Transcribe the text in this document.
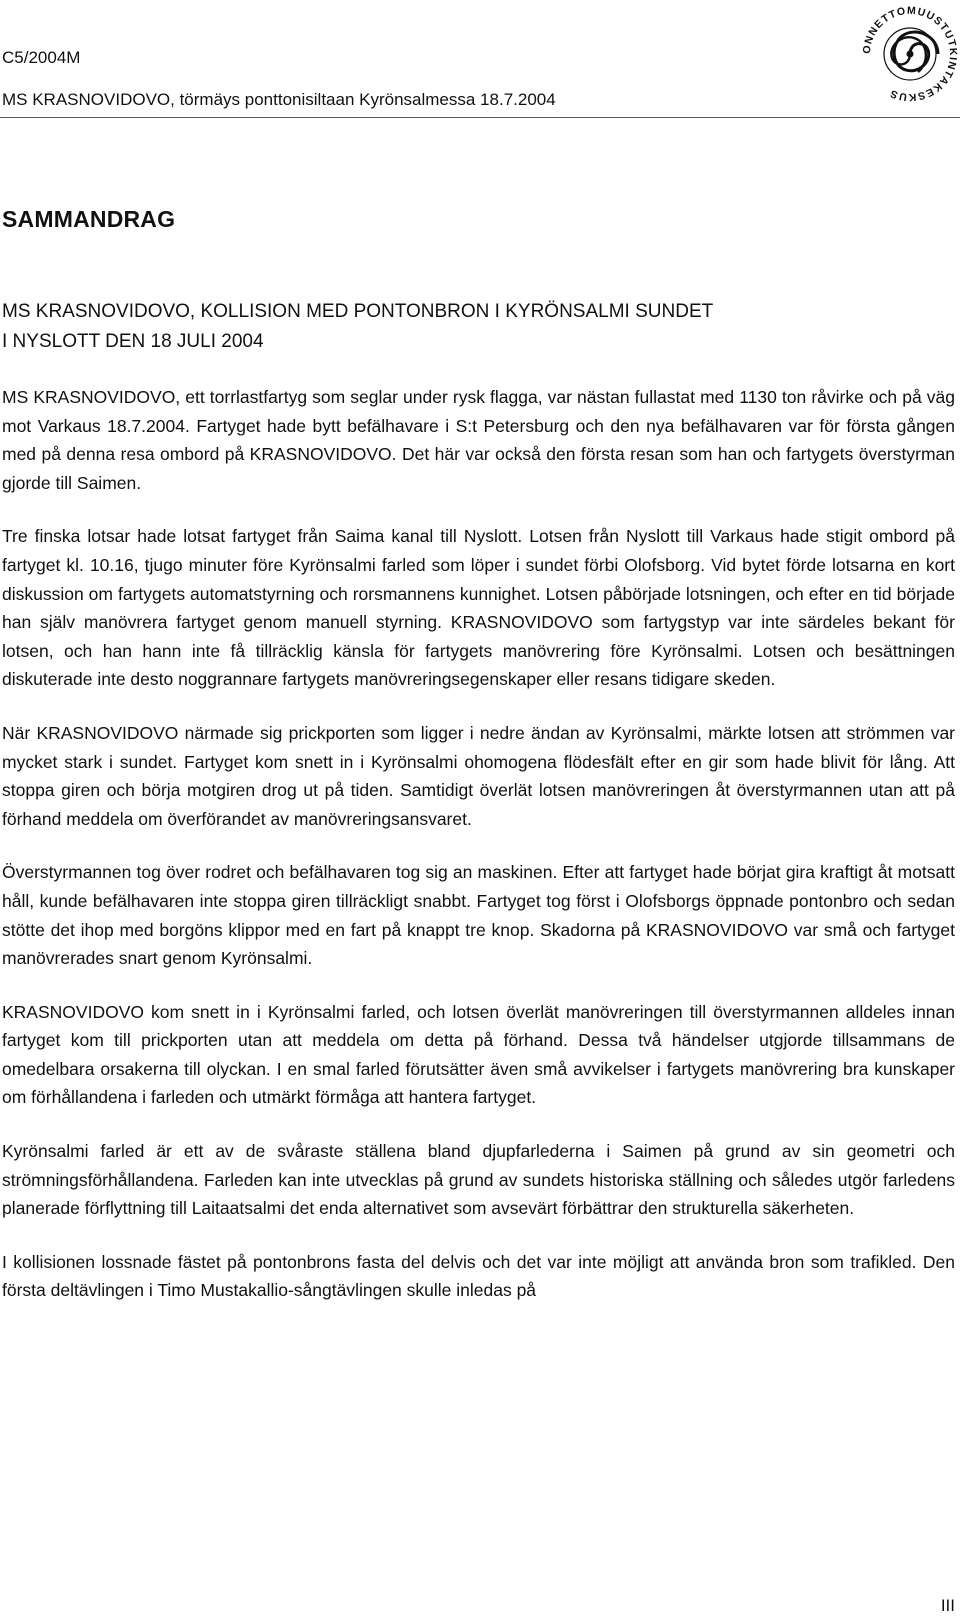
C5/2004M
MS KRASNOVIDOVO, törmäys ponttonisiltaan Kyrönsalmessa 18.7.2004
ONNETTOMUUSTUTKINTAKESKUS
SAMMANDRAG
MS KRASNOVIDOVO, KOLLISION MED PONTONBRON I KYRÖNSALMI SUNDET
I NYSLOTT DEN 18 JULI 2004

MS KRASNOVIDOVO, ett torrlastfartyg som seglar under rysk flagga, var nästan fullastat med 1130 ton råvirke och på väg mot Varkaus 18.7.2004. Fartyget hade bytt befälhavare i S:t Petersburg och den nya befälhavaren var för första gången med på denna resa ombord på KRASNOVIDOVO. Det här var också den första resan som han och fartygets överstyrman gjorde till Saimen.

Tre finska lotsar hade lotsat fartyget från Saima kanal till Nyslott. Lotsen från Nyslott till Varkaus hade stigit ombord på fartyget kl. 10.16, tjugo minuter före Kyrönsalmi farled som löper i sundet förbi Olofsborg. Vid bytet förde lotsarna en kort diskussion om fartygets automatstyrning och rorsmannens kunnighet. Lotsen påbörjade lotsningen, och efter en tid började han själv manövrera fartyget genom manuell styrning. KRASNOVIDOVO som fartygstyp var inte särdeles bekant för lotsen, och han hann inte få tillräcklig känsla för fartygets manövrering före Kyrönsalmi. Lotsen och besättningen diskuterade inte desto noggrannare fartygets manövreringsegenskaper eller resans tidigare skeden.

När KRASNOVIDOVO närmade sig prickporten som ligger i nedre ändan av Kyrönsalmi, märkte lotsen att strömmen var mycket stark i sundet. Fartyget kom snett in i Kyrönsalmi ohomogena flödesfält efter en gir som hade blivit för lång. Att stoppa giren och börja motgiren drog ut på tiden. Samtidigt överlät lotsen manövreringen åt överstyrmannen utan att på förhand meddela om överförandet av manövreringsansvaret.

Överstyrmannen tog över rodret och befälhavaren tog sig an maskinen. Efter att fartyget hade börjat gira kraftigt åt motsatt håll, kunde befälhavaren inte stoppa giren tillräckligt snabbt. Fartyget tog först i Olofsborgs öppnade pontonbro och sedan stötte det ihop med borgöns klippor med en fart på knappt tre knop. Skadorna på KRASNOVIDOVO var små och fartyget manövrerades snart genom Kyrönsalmi.

KRASNOVIDOVO kom snett in i Kyrönsalmi farled, och lotsen överlät manövreringen till överstyrmannen alldeles innan fartyget kom till prickporten utan att meddela om detta på förhand. Dessa två händelser utgjorde tillsammans de omedelbara orsakerna till olyckan. I en smal farled förutsätter även små avvikelser i fartygets manövrering bra kunskaper om förhållandena i farleden och utmärkt förmåga att hantera fartyget.

Kyrönsalmi farled är ett av de svåraste ställena bland djupfarlederna i Saimen på grund av sin geometri och strömningsförhållandena. Farleden kan inte utvecklas på grund av sundets historiska ställning och således utgör farledens planerade förflyttning till Laitaatsalmi det enda alternativet som avsevärt förbättrar den strukturella säkerheten.

I kollisionen lossnade fästet på pontonbrons fasta del delvis och det var inte möjligt att använda bron som trafikled. Den första deltävlingen i Timo Mustakallio-sångtävlingen skulle inledas på

III
